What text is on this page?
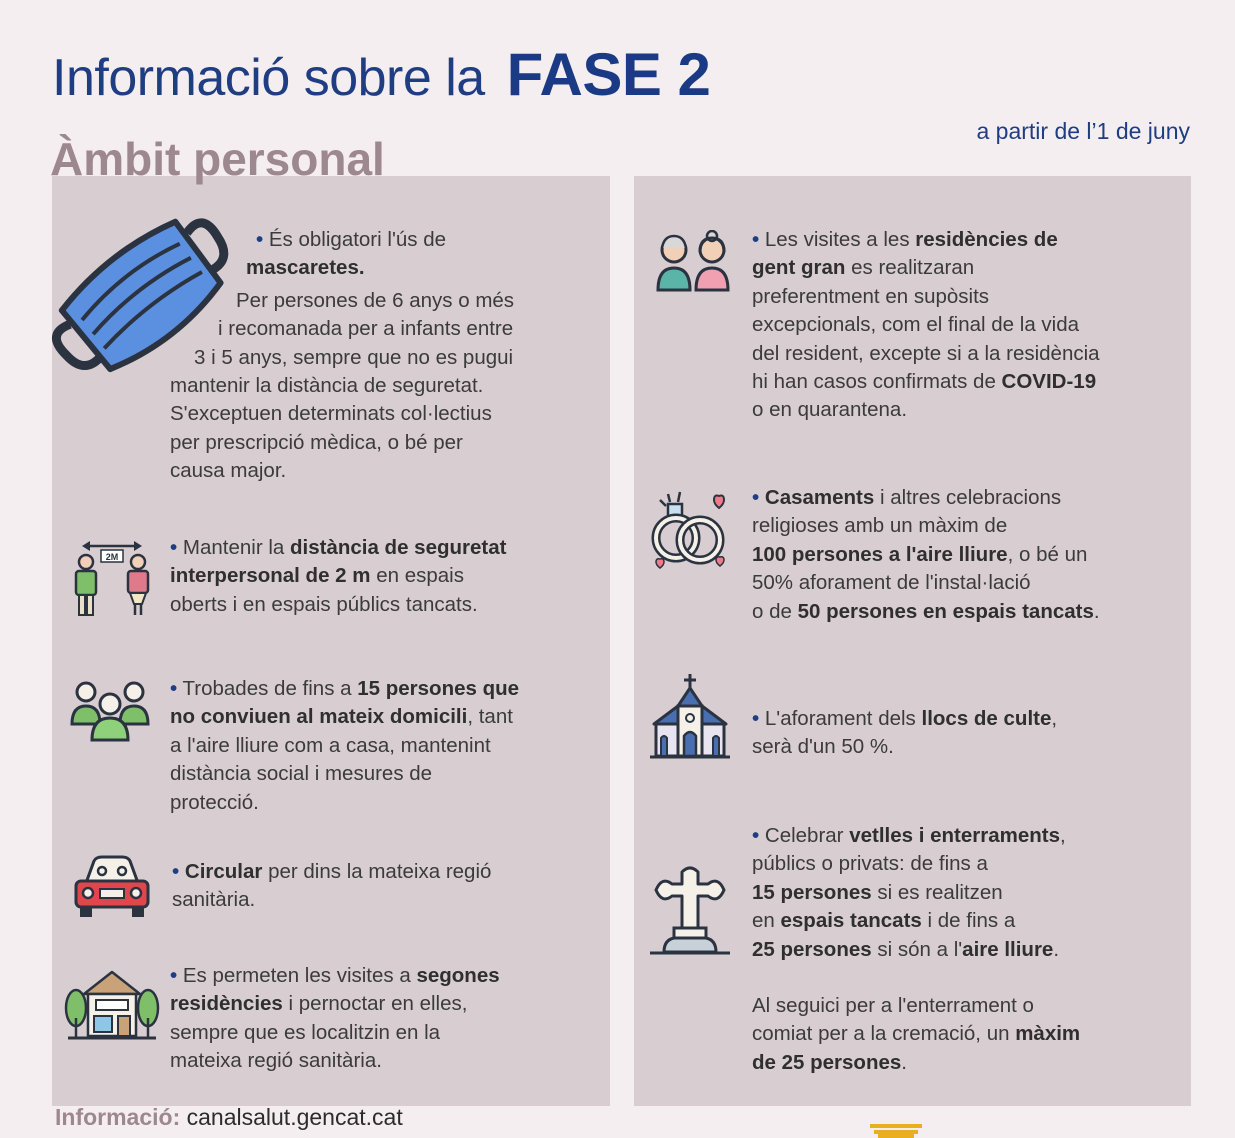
Informació sobre la FASE 2
a partir de l’1 de juny
Àmbit personal
• És obligatori l'ús de
mascaretes.
Per persones de 6 anys o més
i recomanada per a infants entre
3 i 5 anys, sempre que no es pugui
mantenir la distància de seguretat.
S'exceptuen determinats col·lectius
per prescripció mèdica, o bé per
causa major.
2M	• Mantenir la distància de seguretat
interpersonal de 2 m en espais
oberts i en espais públics tancats.
• Trobades de fins a 15 persones que
no conviuen al mateix domicili, tant
a l'aire lliure com a casa, mantenint
distància social i mesures de
protecció.
• Circular per dins la mateixa regió
sanitària.
• Es permeten les visites a segones
residències i pernoctar en elles,
sempre que es localitzin en la
mateixa regió sanitària.
• Les visites a les residències de
gent gran es realitzaran
preferentment en supòsits
excepcionals, com el final de la vida
del resident, excepte si a la residència
hi han casos confirmats de COVID-19
o en quarantena.
• Casaments i altres celebracions
religioses amb un màxim de
100 persones a l'aire lliure, o bé un
50% aforament de l'instal·lació
o de 50 persones en espais tancats.
• L'aforament dels llocs de culte,
serà d'un 50 %.
• Celebrar vetlles i enterraments,
públics o privats: de fins a
15 persones si es realitzen
en espais tancats i de fins a
25 persones si són a l'aire lliure.
Al seguici per a l'enterrament o
comiat per a la cremació, un màxim
de 25 persones.
Informació: canalsalut.gencat.cat
